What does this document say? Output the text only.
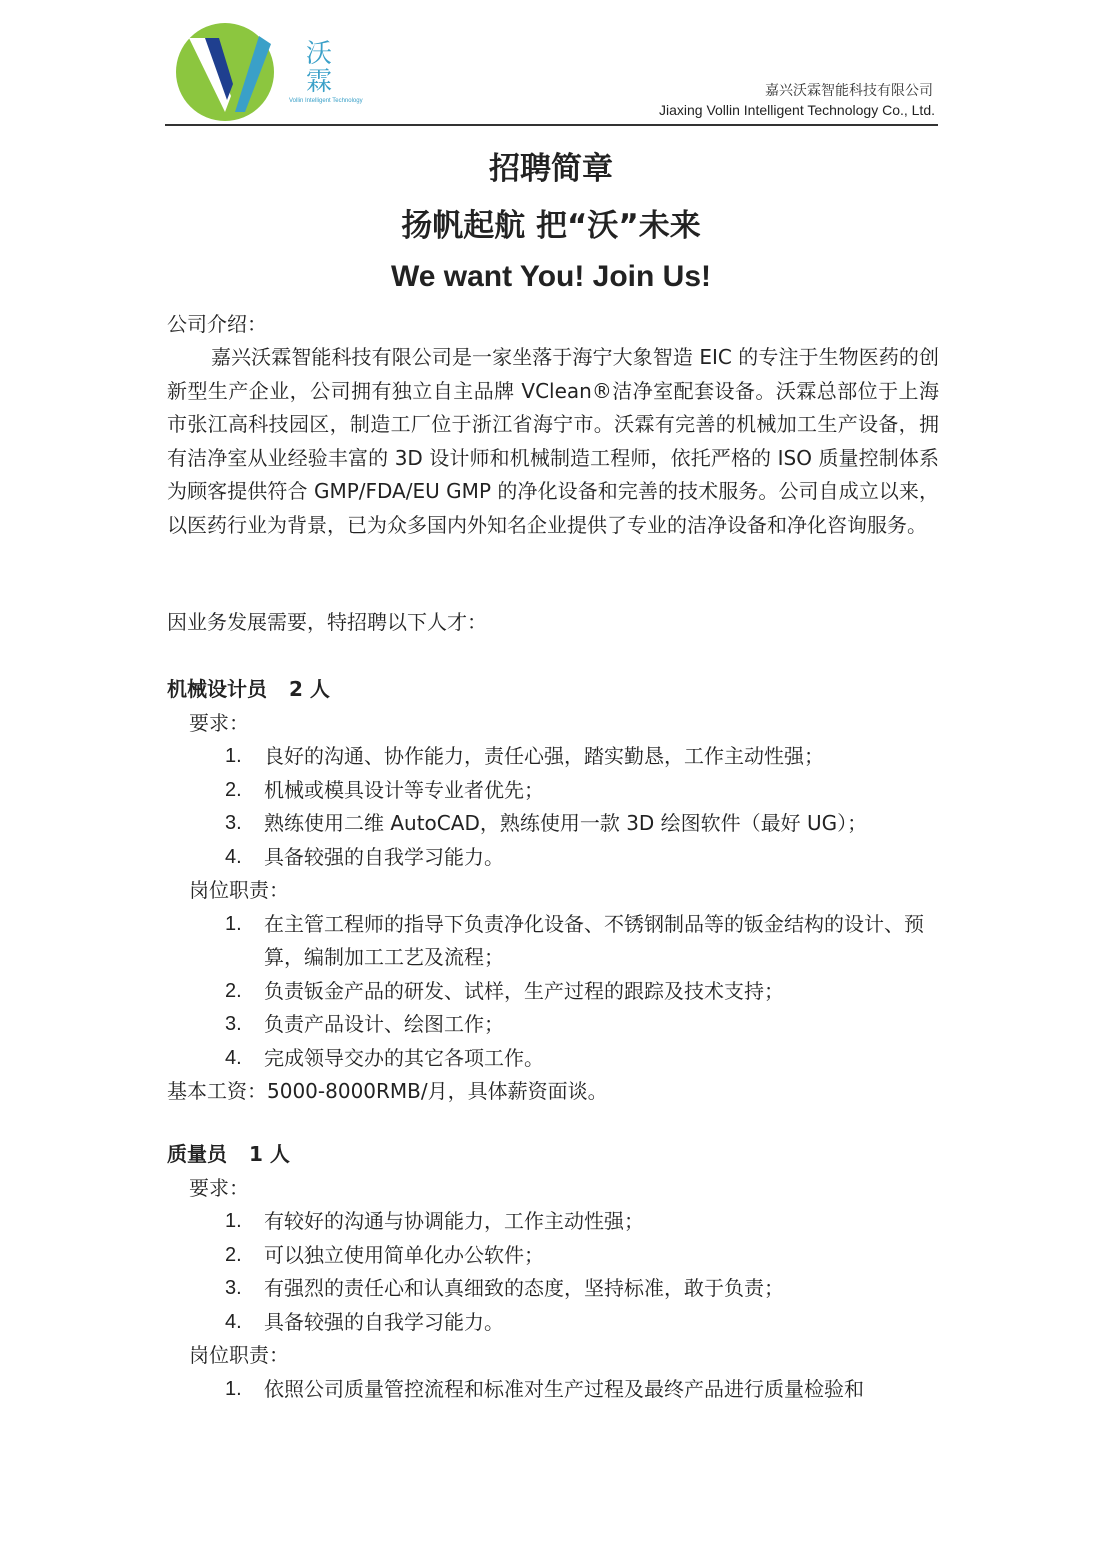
沃霖
Vollin Intelligent Technology
嘉兴沃霖智能科技有限公司
Jiaxing Vollin Intelligent Technology Co., Ltd.
招聘简章
扬帆起航 把“沃”未来
We want You! Join Us!
公司介绍：
嘉兴沃霖智能科技有限公司是一家坐落于海宁大象智造 EIC 的专注于生物医药的创新型生产企业，公司拥有独立自主品牌 VClean®洁净室配套设备。沃霖总部位于上海市张江高科技园区，制造工厂位于浙江省海宁市。沃霖有完善的机械加工生产设备，拥有洁净室从业经验丰富的 3D 设计师和机械制造工程师，依托严格的 ISO 质量控制体系为顾客提供符合 GMP/FDA/EU GMP 的净化设备和完善的技术服务。公司自成立以来，以医药行业为背景，已为众多国内外知名企业提供了专业的洁净设备和净化咨询服务。
因业务发展需要，特招聘以下人才：
机械设计员 2 人
要求：
1. 良好的沟通、协作能力，责任心强，踏实勤恳，工作主动性强；
2. 机械或模具设计等专业者优先；
3. 熟练使用二维 AutoCAD，熟练使用一款 3D 绘图软件（最好 UG）；
4. 具备较强的自我学习能力。
岗位职责：
1. 在主管工程师的指导下负责净化设备、不锈钢制品等的钣金结构的设计、预算，编制加工工艺及流程；
2. 负责钣金产品的研发、试样，生产过程的跟踪及技术支持；
3. 负责产品设计、绘图工作；
4. 完成领导交办的其它各项工作。
基本工资：5000-8000RMB/月，具体薪资面谈。
质量员 1 人
要求：
1. 有较好的沟通与协调能力，工作主动性强；
2. 可以独立使用简单化办公软件；
3. 有强烈的责任心和认真细致的态度，坚持标准，敢于负责；
4. 具备较强的自我学习能力。
岗位职责：
1. 依照公司质量管控流程和标准对生产过程及最终产品进行质量检验和
